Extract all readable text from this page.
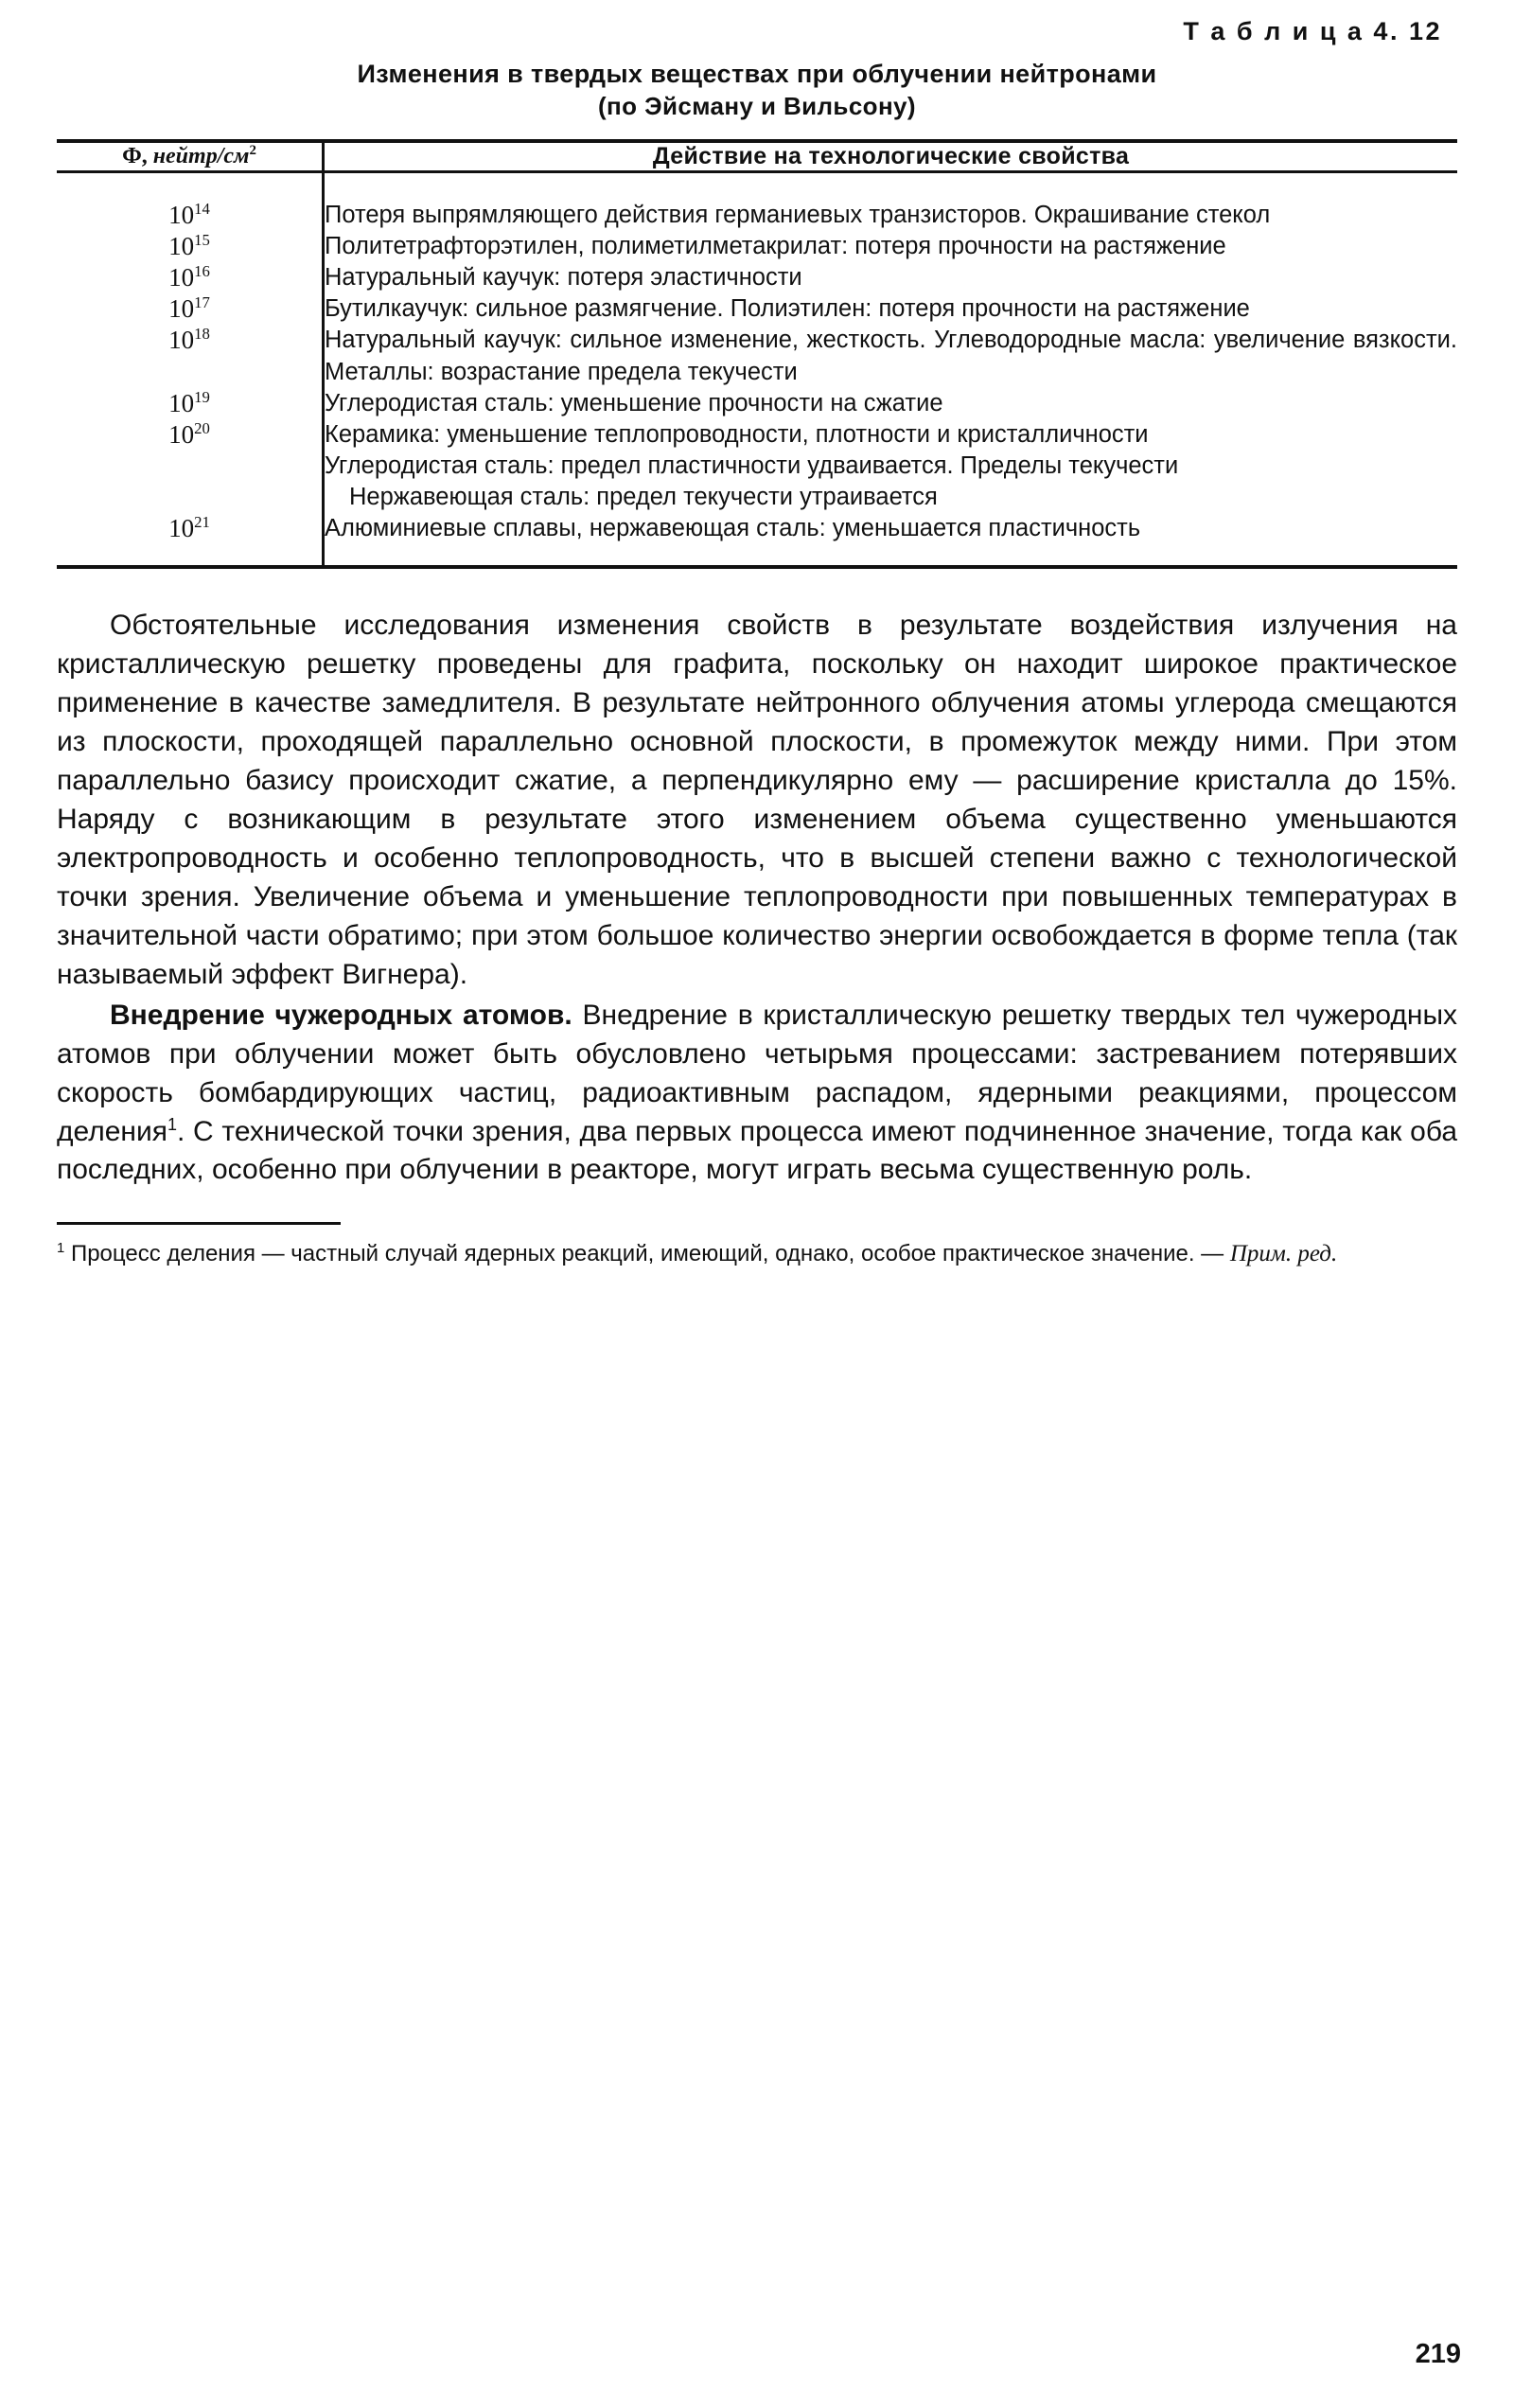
Т а б л и ц а 4. 12
Изменения в твердых веществах при облучении нейтронами
(по Эйсману и Вильсону)
Ф, нейтр/$см^2$	Действие на технологические свойства

$10^{14}$	Потеря выпрямляющего действия германиевых транзисторов. Окрашивание стекол
$10^{15}$	Политетрафторэтилен, полиметилметакрилат: потеря прочности на растяжение
$10^{16}$	Натуральный каучук: потеря эластичности
$10^{17}$	Бутилкаучук: сильное размягчение. Полиэтилен: потеря прочности на растяжение
$10^{18}$	Натуральный каучук: сильное изменение, жесткость. Углеводородные масла: увеличение вязкости. Металлы: возрастание предела текучести
$10^{19}$	Углеродистая сталь: уменьшение прочности на сжатие
$10^{20}$	Керамика: уменьшение теплопроводности, плотности и кристалличности
	Углеродистая сталь: предел пластичности удваивается. Пределы текучести
	Нержавеющая сталь: предел текучести утраивается
$10^{21}$	Алюминиевые сплавы, нержавеющая сталь: уменьшается пластичность

Обстоятельные исследования изменения свойств в результате воздействия излучения на кристаллическую решетку проведены для графита, поскольку он находит широкое практическое применение в качестве замедлителя. В результате нейтронного облучения атомы углерода смещаются из плоскости, проходящей параллельно основной плоскости, в промежуток между ними. При этом параллельно базису происходит сжатие, а перпендикулярно ему — расширение кристалла до 15%. Наряду с возникающим в результате этого изменением объема существенно уменьшаются электропроводность и особенно теплопроводность, что в высшей степени важно с технологической точки зрения. Увеличение объема и уменьшение теплопроводности при повышенных температурах в значительной части обратимо; при этом большое количество энергии освобождается в форме тепла (так называемый эффект Вигнера).

Внедрение чужеродных атомов. Внедрение в кристаллическую решетку твердых тел чужеродных атомов при облучении может быть обусловлено четырьмя процессами: застреванием потерявших скорость бомбардирующих частиц, радиоактивным распадом, ядерными реакциями, процессом деления$^1$. С технической точки зрения, два первых процесса имеют подчиненное значение, тогда как оба последних, особенно при облучении в реакторе, могут играть весьма существенную роль.

$^1$ Процесс деления — частный случай ядерных реакций, имеющий, однако, особое практическое значение. — Прим. ред.
219
